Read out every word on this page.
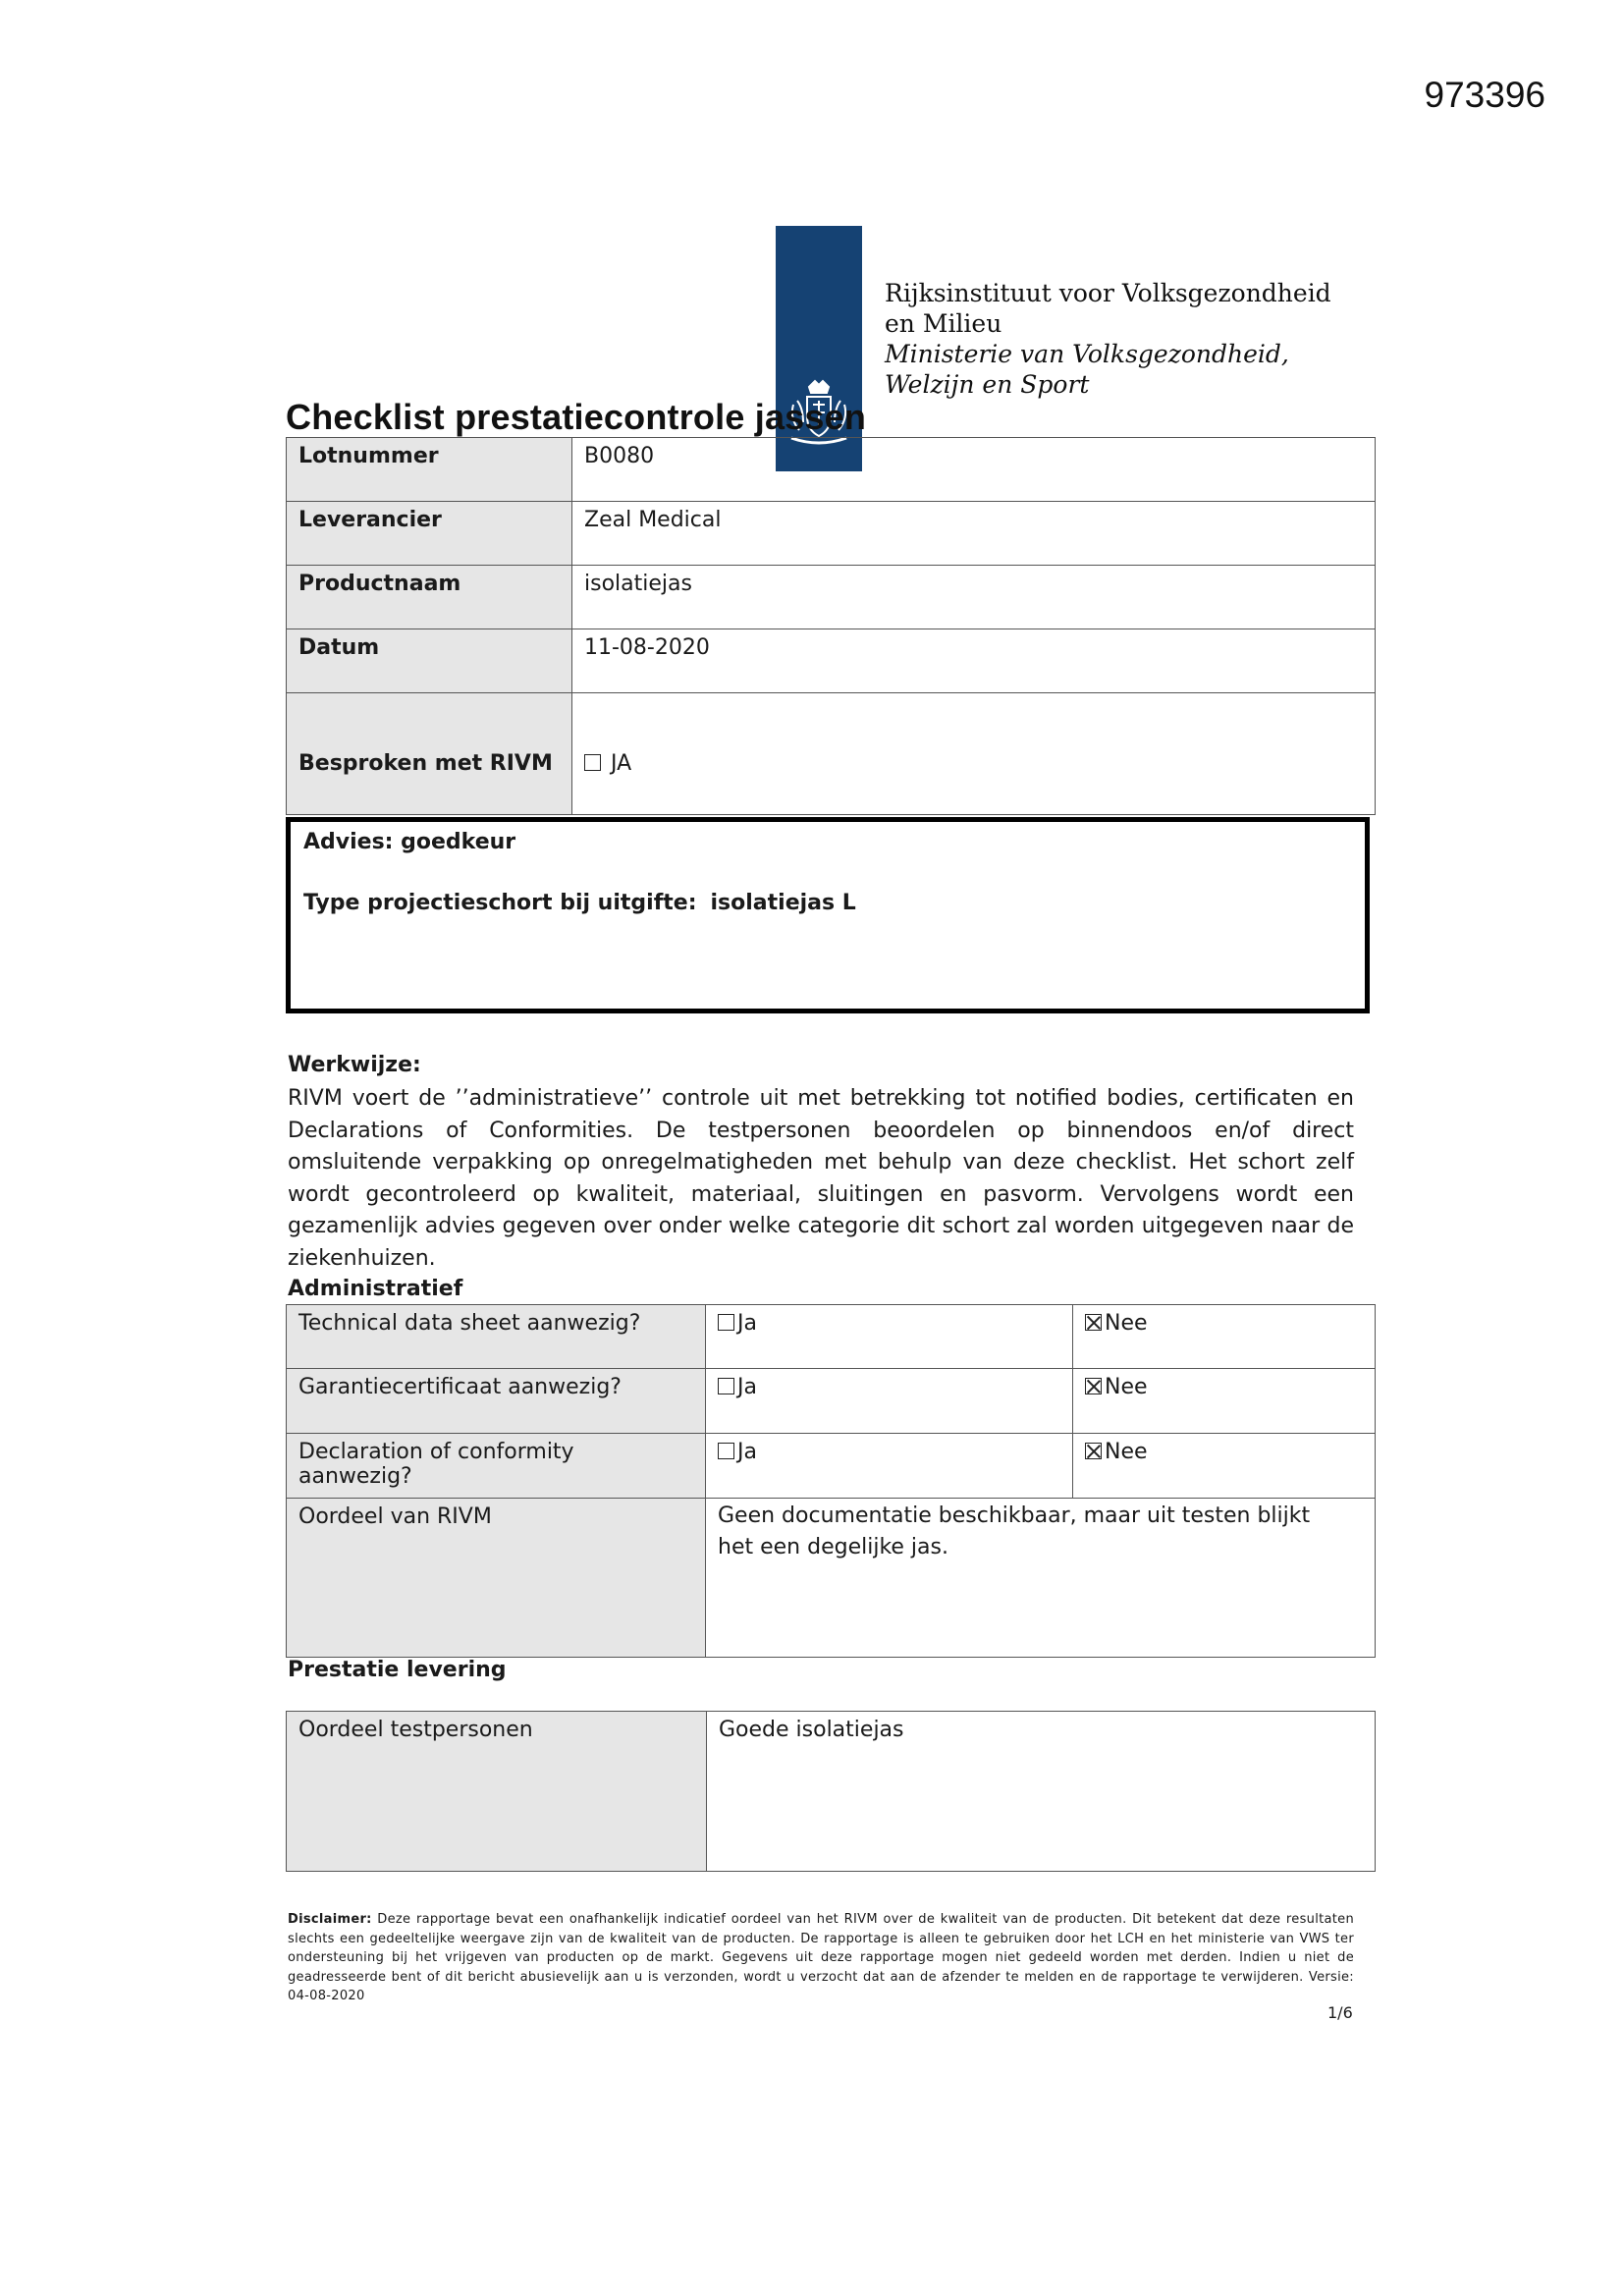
973396
Rijksinstituut voor Volksgezondheid
en Milieu
Ministerie van Volksgezondheid,
Welzijn en Sport
Checklist prestatiecontrole jassen
Lotnummer	B0080

Leverancier	Zeal Medical

Productnaam	isolatiejas

Datum	11-08-2020

Besproken met RIVM	JA
Advies: goedkeur
Type projectieschort bij uitgifte: isolatiejas L
Werkwijze:
RIVM voert de ’’administratieve’’ controle uit met betrekking tot notified bodies, certificaten en Declarations of Conformities. De testpersonen beoordelen op binnendoos en/of direct omsluitende verpakking op onregelmatigheden met behulp van deze checklist. Het schort zelf wordt gecontroleerd op kwaliteit, materiaal, sluitingen en pasvorm. Vervolgens wordt een gezamenlijk advies gegeven over onder welke categorie dit schort zal worden uitgegeven naar de ziekenhuizen.
Administratief
Technical data sheet aanwezig?	Ja	Nee

Garantiecertificaat aanwezig?	Ja	Nee

Declaration of conformity aanwezig?	Ja	Nee

Oordeel van RIVM	Geen documentatie beschikbaar, maar uit testen blijkt het een degelijke jas.	
Prestatie levering
Oordeel testpersonen	Goede isolatiejas
Disclaimer: Deze rapportage bevat een onafhankelijk indicatief oordeel van het RIVM over de kwaliteit van de producten. Dit betekent dat deze resultaten slechts een gedeeltelijke weergave zijn van de kwaliteit van de producten. De rapportage is alleen te gebruiken door het LCH en het ministerie van VWS ter ondersteuning bij het vrijgeven van producten op de markt. Gegevens uit deze rapportage mogen niet gedeeld worden met derden. Indien u niet de geadresseerde bent of dit bericht abusievelijk aan u is verzonden, wordt u verzocht dat aan de afzender te melden en de rapportage te verwijderen. Versie: 04-08-2020
1/6
